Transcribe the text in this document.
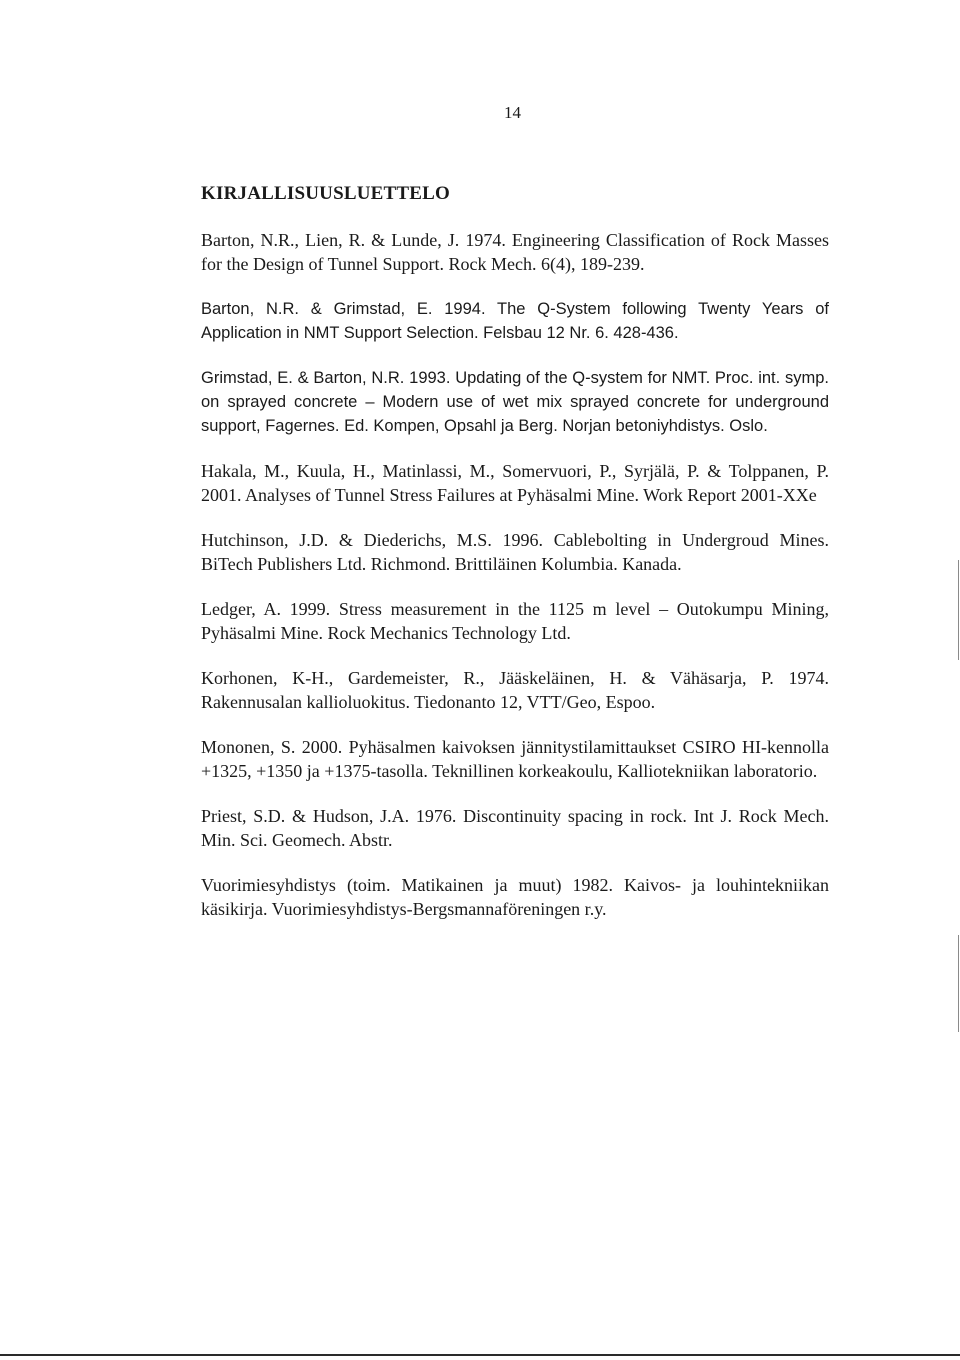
14
KIRJALLISUUSLUETTELO

Barton, N.R., Lien, R. & Lunde, J. 1974. Engineering Classification of Rock Masses for the Design of Tunnel Support. Rock Mech. 6(4), 189-239.

Barton, N.R. & Grimstad, E. 1994. The Q-System following Twenty Years of Application in NMT Support Selection. Felsbau 12 Nr. 6. 428-436.

Grimstad, E. & Barton, N.R. 1993. Updating of the Q-system for NMT. Proc. int. symp. on sprayed concrete – Modern use of wet mix sprayed concrete for underground support, Fagernes. Ed. Kompen, Opsahl ja Berg. Norjan betoniyhdistys. Oslo.

Hakala, M., Kuula, H., Matinlassi, M., Somervuori, P., Syrjälä, P. & Tolppanen, P. 2001. Analyses of Tunnel Stress Failures at Pyhäsalmi Mine. Work Report 2001-XXe

Hutchinson, J.D. & Diederichs, M.S. 1996. Cablebolting in Undergroud Mines. BiTech Publishers Ltd. Richmond. Brittiläinen Kolumbia. Kanada.

Ledger, A. 1999. Stress measurement in the 1125 m level – Outokumpu Mining, Pyhäsalmi Mine. Rock Mechanics Technology Ltd.

Korhonen, K-H., Gardemeister, R., Jääskeläinen, H. & Vähäsarja, P. 1974. Rakennusalan kallioluokitus. Tiedonanto 12, VTT/Geo, Espoo.

Mononen, S. 2000. Pyhäsalmen kaivoksen jännitystilamittaukset CSIRO HI-kennolla +1325, +1350 ja +1375-tasolla. Teknillinen korkeakoulu, Kalliotekniikan laboratorio.

Priest, S.D. & Hudson, J.A. 1976. Discontinuity spacing in rock. Int J. Rock Mech. Min. Sci. Geomech. Abstr.

Vuorimiesyhdistys (toim. Matikainen ja muut) 1982. Kaivos- ja louhintekniikan käsikirja. Vuorimiesyhdistys-Bergsmannaföreningen r.y.
